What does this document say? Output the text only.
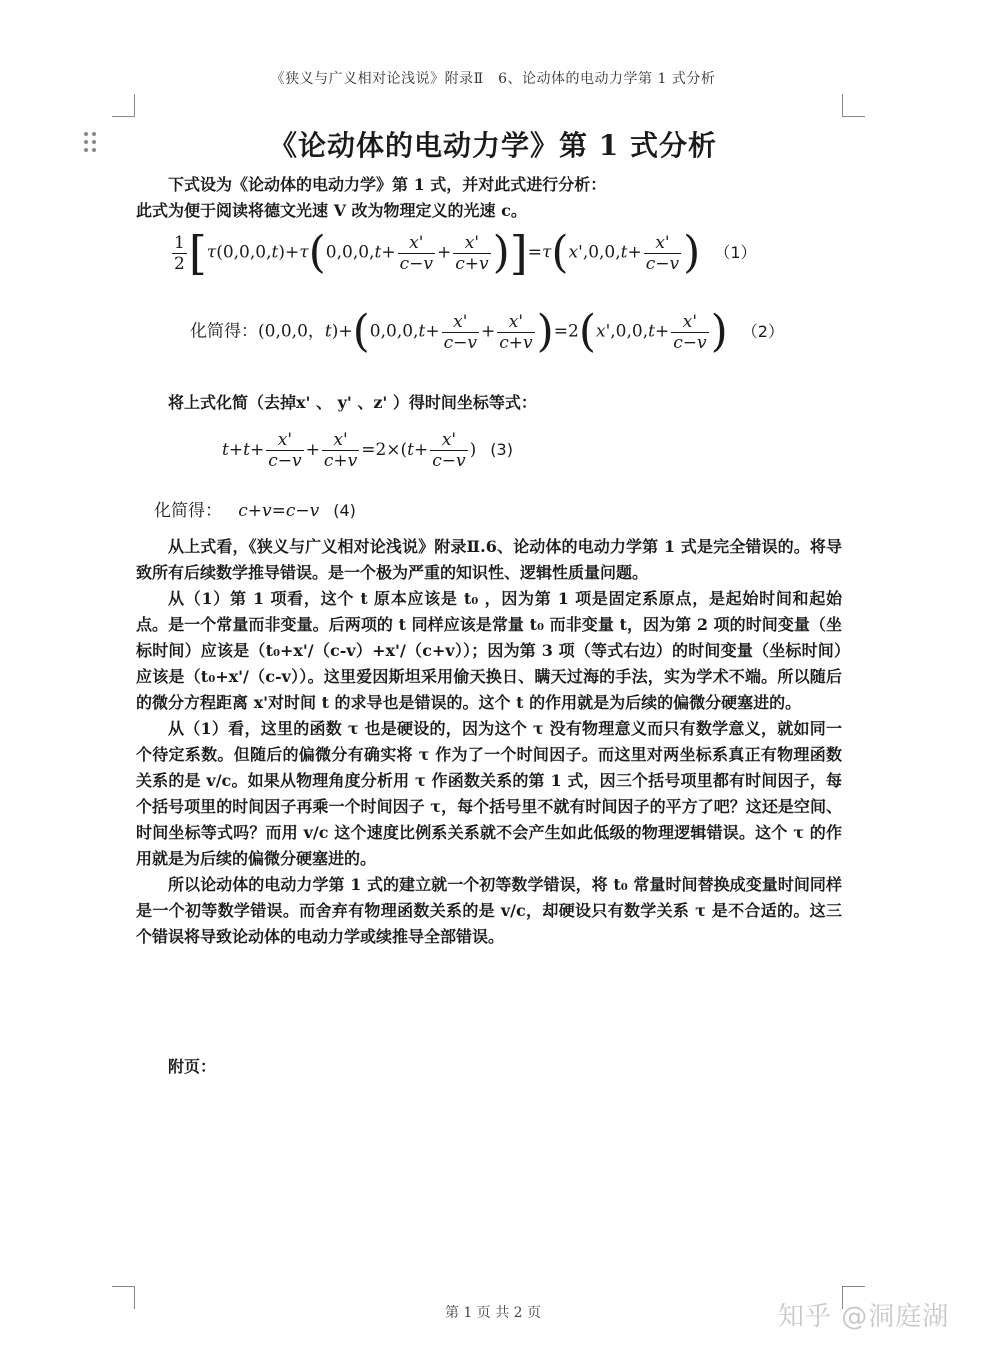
《狭义与广义相对论浅说》附录Ⅱ　6、论动体的电动力学第 1 式分析
《论动体的电动力学》第 1 式分析

下式设为《论动体的电动力学》第 1 式，并对此式进行分析：

此式为便于阅读将德文光速 V 改为物理定义的光速 c。

$\frac{1}{2} [\tau(0,0,0,t)+\tau(0,0,0,t+ \frac{x'}{c-v} + \frac{x'}{c+v} )]=\tau(x',0,0,t+ \frac{x'}{c-v}$ ) （1）
化简得：(0,0,0，$t)+(0,0,0,t+ \frac{x'}{c-v} + \frac{x'}{c+v} )=2(x',0,0,t+ \frac{x'}{c-v}$ ) （2）

将上式化简（去掉x' 、 y' 、z' ）得时间坐标等式：

$t+t+ \frac{x'}{c-v} + \frac{x'}{c+v} =2\times(t+ \frac{x'}{c-v}$ ) (3)
化简得： c+v=c−v (4)

从上式看，《狭义与广义相对论浅说》附录Ⅱ.6、论动体的电动力学第 1 式是完全错误的。将导致所有后续数学推导错误。是一个极为严重的知识性、逻辑性质量问题。

从（1）第 1 项看，这个 t 原本应该是 t₀ ，因为第 1 项是固定系原点，是起始时间和起始点。是一个常量而非变量。后两项的 t 同样应该是常量 t₀ 而非变量 t，因为第 2 项的时间变量（坐标时间）应该是（t₀+x'/（c-v）+x'/（c+v））；因为第 3 项（等式右边）的时间变量（坐标时间）应该是（t₀+x'/（c-v））。这里爱因斯坦采用偷天换日、瞒天过海的手法，实为学术不端。所以随后的微分方程距离 x'对时间 t 的求导也是错误的。这个 t 的作用就是为后续的偏微分硬塞进的。

从（1）看，这里的函数 τ 也是硬设的，因为这个 τ 没有物理意义而只有数学意义，就如同一个待定系数。但随后的偏微分有确实将 τ 作为了一个时间因子。而这里对两坐标系真正有物理函数关系的是 v/c。如果从物理角度分析用 τ 作函数关系的第 1 式，因三个括号项里都有时间因子，每个括号项里的时间因子再乘一个时间因子 τ，每个括号里不就有时间因子的平方了吧？这还是空间、时间坐标等式吗？而用 v/c 这个速度比例系关系就不会产生如此低级的物理逻辑错误。这个 τ 的作用就是为后续的偏微分硬塞进的。

所以论动体的电动力学第 1 式的建立就一个初等数学错误，将 t₀ 常量时间替换成变量时间同样是一个初等数学错误。而舍弃有物理函数关系的是 v/c，却硬设只有数学关系 τ 是不合适的。这三个错误将导致论动体的电动力学或续推导全部错误。

附页：

第 1 页 共 2 页	知乎 @洞庭湖
